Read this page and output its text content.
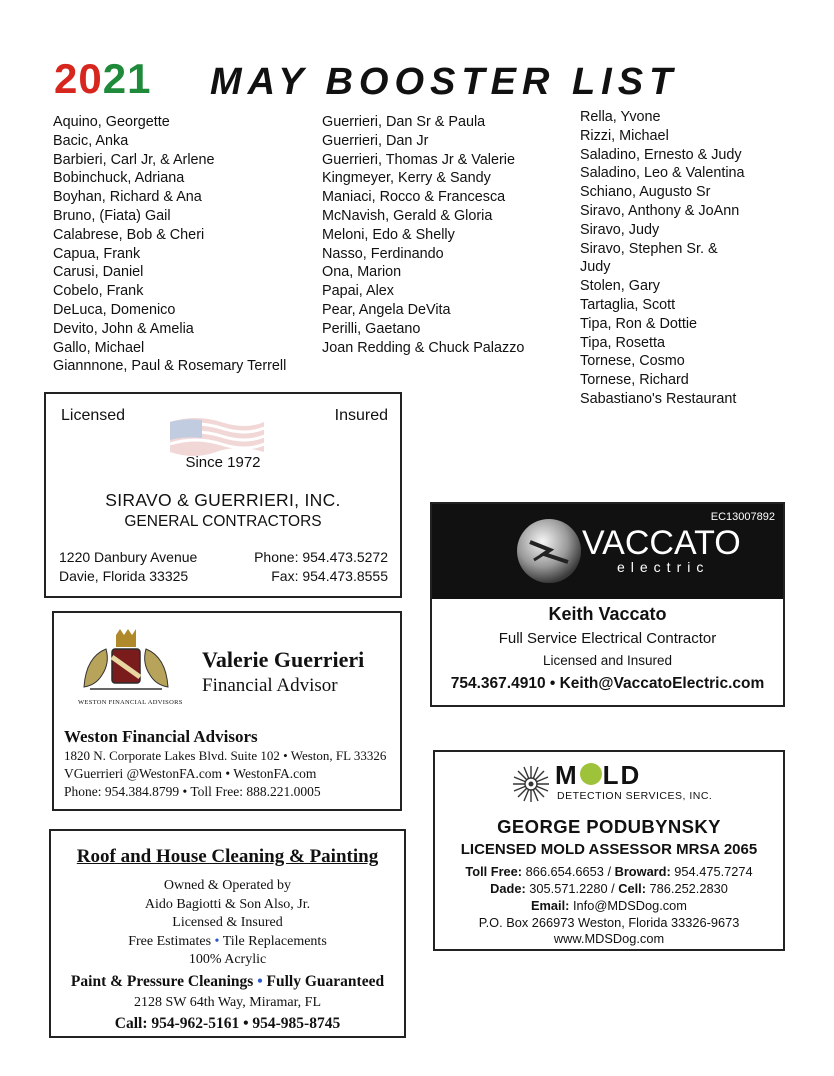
2021 MAY BOOSTER LIST
Aquino, Georgette
Bacic, Anka
Barbieri, Carl Jr, & Arlene
Bobinchuck, Adriana
Boyhan, Richard & Ana
Bruno, (Fiata) Gail
Calabrese, Bob & Cheri
Capua, Frank
Carusi, Daniel
Cobelo, Frank
DeLuca, Domenico
Devito, John & Amelia
Gallo, Michael
Giannnone, Paul & Rosemary Terrell
Guerrieri, Dan Sr & Paula
Guerrieri, Dan Jr
Guerrieri, Thomas Jr & Valerie
Kingmeyer, Kerry & Sandy
Maniaci, Rocco & Francesca
McNavish, Gerald & Gloria
Meloni, Edo & Shelly
Nasso, Ferdinando
Ona, Marion
Papai, Alex
Pear, Angela DeVita
Perilli, Gaetano
Joan Redding & Chuck Palazzo
Rella, Yvone
Rizzi, Michael
Saladino, Ernesto & Judy
Saladino, Leo & Valentina
Schiano, Augusto Sr
Siravo, Anthony & JoAnn
Siravo, Judy
Siravo, Stephen Sr. &
Judy
Stolen, Gary
Tartaglia, Scott
Tipa, Ron & Dottie
Tipa, Rosetta
Tornese, Cosmo
Tornese, Richard
Sabastiano's Restaurant
Licensed	Insured
Since 1972
SIRAVO & GUERRIERI, INC.
GENERAL CONTRACTORS
1220 Danbury Avenue
Davie, Florida 33325
Phone: 954.473.5272
Fax: 954.473.8555
EC13007892
VACCATO
electric
Keith Vaccato
Full Service Electrical Contractor
Licensed and Insured
754.367.4910 • Keith@VaccatoElectric.com
WESTON FINANCIAL ADVISORS
Valerie Guerrieri
Financial Advisor
Weston Financial Advisors
1820 N. Corporate Lakes Blvd. Suite 102 • Weston, FL 33326
VGuerrieri @WestonFA.com • WestonFA.com
Phone: 954.384.8799 • Toll Free: 888.221.0005
M LD
DETECTION SERVICES, INC.
GEORGE PODUBYNSKY
LICENSED MOLD ASSESSOR MRSA 2065
Toll Free: 866.654.6653 / Broward: 954.475.7274
Dade: 305.571.2280 / Cell: 786.252.2830
Email: Info@MDSDog.com
P.O. Box 266973 Weston, Florida 33326-9673
www.MDSDog.com
Roof and House Cleaning & Painting
Owned & Operated by
Aido Bagiotti & Son Also, Jr.
Licensed & Insured
Free Estimates • Tile Replacements
100% Acrylic
Paint & Pressure Cleanings • Fully Guaranteed
2128 SW 64th Way, Miramar, FL
Call: 954-962-5161 • 954-985-8745
